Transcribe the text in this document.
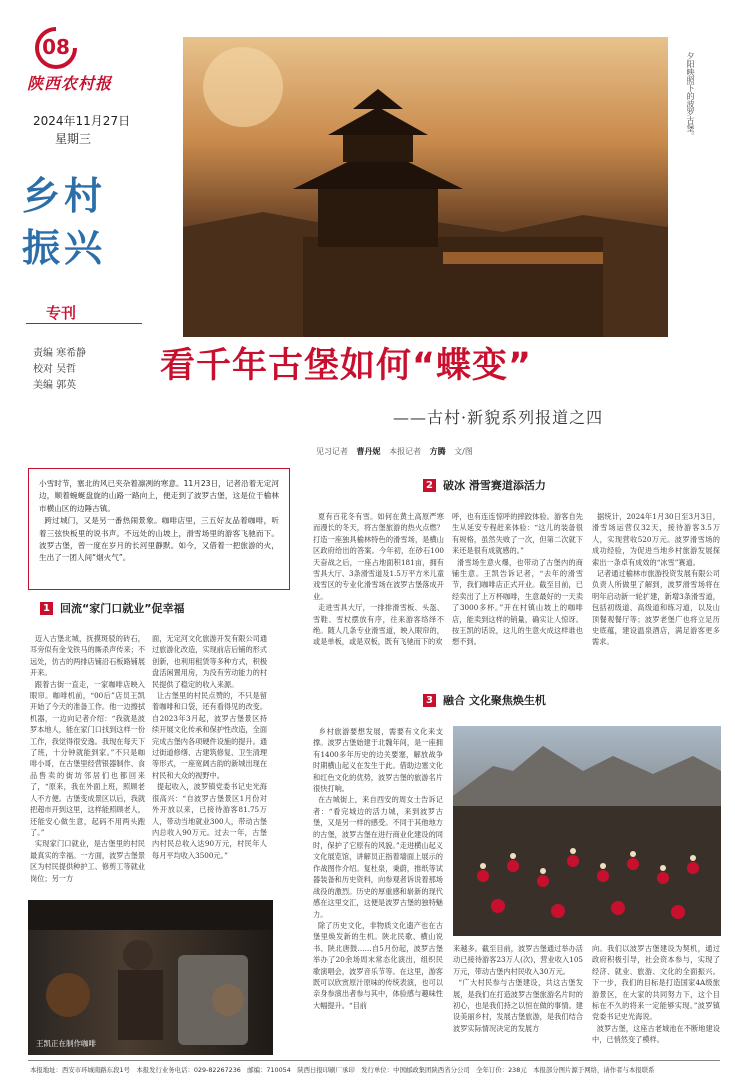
08
陕西农村报
2024年11月27日
星期三
乡村
振兴
专刊
责编 寒希静
校对 吴哲
美编 郭英
夕阳映照下的波罗古堡。
看千年古堡如何“蝶变”
——古村·新貌系列报道之四
见习记者 曹丹妮 本报记者 方腾 文/图
小雪时节，塞北的风已夹杂着凛冽的寒意。11月23日，记者沿着无定河边，顺着蜿蜒盘旋的山路一路向上，便走到了波罗古堡，这是位于榆林市横山区的边陲古镇。
跨过城门，又是另一番热闹景象。咖啡店里，三五好友品着咖啡，听着三弦快板里的说书声。不远处的山坡上，滑雪场里的游客飞驰而下。波罗古堡，曾一度在岁月的长河里静默。如今，又借着一把旅游的火，生出了一团人间“烟火气”。
1 回流“家门口就业”促幸福
迈入古堡北城，抚摸斑驳的砖石，耳旁似有金戈铁马的厮杀声传来；不远处，仿古的两排店铺沿石板路铺展开来。
跟着古街一直走，一家咖啡店映入眼帘。咖啡机前，“00后”店员王凯开始了今天的准备工作。他一边擦拭机器，一边向记者介绍：“我就是波罗本地人，能在家门口找到这样一份工作，我觉得很安逸。我现在每天下了班，十分钟就能到家。”不只是咖啡小哥，在古堡里经营银器制作、食品售卖的街坊邻居们也都回来了，“原来，我在外面上班，照顾老人不方便。古堡变成景区以后，我就把超市开到这里，这样能照顾老人，还能安心做生意，起码不用两头跑了。”
实现家门口就业，是古堡里的村民最真实的幸福。一方面，波罗古堡景区为村民提供种护工、修剪工等就业岗位；另一方
面，无定河文化旅游开发有限公司通过旅游化改造，实现前店后铺的形式创新，也利用租赁等多种方式，积极盘活闲置用房，为没有劳动能力的村民提供了稳定的收入来源。
让古堡里的村民点赞的，不只是留着咖啡和口袋，还有看得见的改变。自2023年3月起，波罗古堡景区持续开展文化传承和保护性改造，全面完成古堡内各项硬件设施的提升。通过街道修缮、古建筑修复、卫生清理等形式，一座宽阔古韵的新城出现在村民和大众的视野中。
提起收入，波罗镇党委书记史光海很高兴：“自波罗古堡景区1月份对外开放以来，已接待游客81.75万人，带动当地就业300人，带动古堡内总收入90万元。过去一年，古堡内村民总收入达90万元，村民年人每月平均收入3500元。”
王凯正在制作咖啡
2 破冰 滑雪赛道添活力
夏有百花冬有雪。如何在黄土高原严寒而漫长的冬天，将古堡旅游的热火点燃？打造一座独具榆林特色的滑雪场，是横山区政府给出的答案。今年初，在砂石100天奋战之后，一座占地面积181亩，拥有雪具大厅、3条滑雪道及1.5万平方米儿童戏雪区的专业化滑雪场在波罗古堡落成开业。
走进雪具大厅，一排排滑雪板、头盔、雪鞋、雪杖摆放有序，往来游客络绎不绝。随人几条专业滑雪道，映入眼帘的，或是单板，或是双板，既有飞驰而下的欢
呼，也有连连惊呼的摔跤体验。游客自先生从延安专程赶来体验：“这儿的装备很有规格，虽然失败了一次，但第二次就下来还是很有成就感的。”
滑雪场生意火爆，也带动了古堡内的商铺生意。王凯告诉记者，“去年的滑雪节，我们咖啡店正式开业。截至目前，已经卖出了上万杯咖啡，生意最好的一天卖了3000多杯。”开在村镇山坡上的咖啡店，能卖到这样的销量，确实让人惊讶。按王凯的话说，这儿的生意火成这样谁也想不到。
据统计，2024年1月30日至3月3日，滑雪场运营仅32天，接待游客3.5万人，实现营收520万元。波罗滑雪场的成功经验，为促进当地乡村旅游发展探索出一条卓有成效的“冰雪”赛道。
记者通过榆林市旅游投资发展有限公司负责人所做里了解到，波罗滑雪场将在明年启动新一轮扩建，新增3条滑雪道，包括初级道、高级道和练习道，以及山顶餐观餐厅等；波罗老堡广也将立足历史底蕴，建设温泉酒店，满足游客更多需求。
3 融合 文化聚焦焕生机
乡村旅游要想发展，需要有文化来支撑。波罗古堡始建于北魏年间，是一座拥有1400多年历史的边关要塞，解放战争时期横山起义在发生于此。借助边塞文化和红色文化的优势，波罗古堡的旅游名片很快打响。
在古城街上，来自西安的周女士告诉记者：“看完城边的活力城，来到波罗古堡，又是另一样的感受。不同于其他地方的古堡，波罗古堡在进行商业化建设的同时，保护了它原有的风貌。”走进横山起义文化展览馆，讲解员正指着墙面上展示的作战图作介绍。复杜泉，秉蔚，推纸等试器装备和历史资料，向参观者诉说着那场战役的激烈。历史的厚重感和崭新的现代感在这里交汇，这便是波罗古堡的独特魅力。
除了历史文化，非物质文化遗产也在古堡里焕发新的生机。陕北民歌、横山说书、陕北唐鼓……自5月份起，波罗古堡举办了20余场周末常态化演出，组织民歌演唱会，波罗音乐节等。在这里，游客既可以欣赏原汁原味的传统表演，也可以亲身参演出者参与其中，体验感与趣味性大幅提升。“目前
滑雪场旁边的百人老腰鼓表演。
来越多。截至目前，波罗古堡通过举办活动已接待游客23万人(次)，营业收入105万元，带动古堡内村民收入30万元。
“广大村民参与古堡建设，共这古堡发展，是我们在打造波罗古堡旅游名片时的初心，也是我们持之以恒在做的事情。建设美丽乡村，发展古堡旅游，是我们结合波罗实际情况决定的发展方
向。我们以波罗古堡建设为契机，通过政府积极引导，社会资本参与，实现了经济、就业、旅游、文化的全面振兴。下一步，我们的目标是打造国家4A级旅游景区，在大家的共同努力下，这个目标在不久的将来一定能够实现。”波罗镇党委书记史光海说。
波罗古堡，这座古老城池在不断地建设中，已悄然变了模样。
本报地址：西安市环城南路东段1号　本报发行业务电话：029-82267236　邮编：710054　陕西日报印刷厂承印　发行单位：中国邮政集团陕西省分公司　全年订价：238元　本报部分图片源于网络，请作者与本报联系
